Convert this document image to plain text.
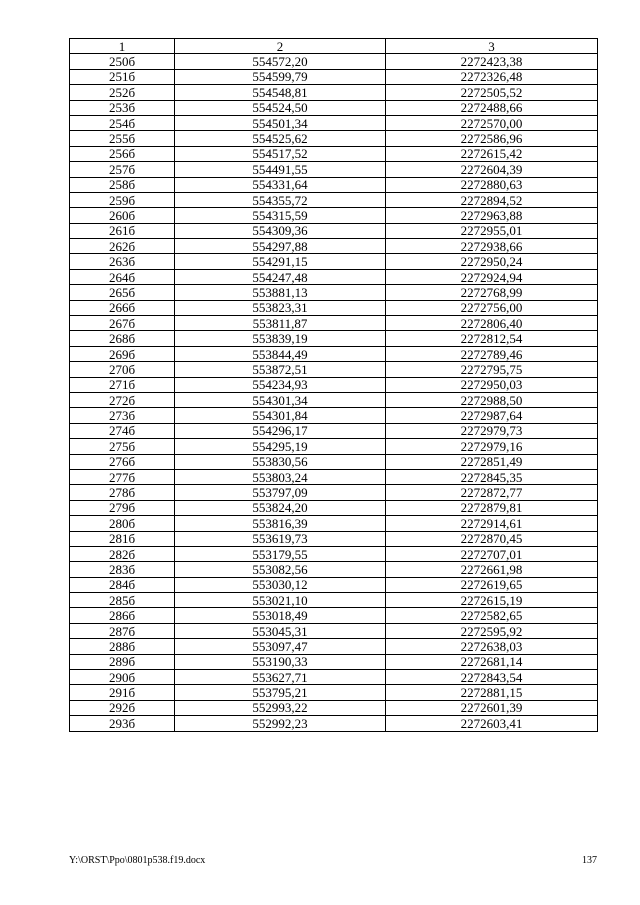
1	2	3
250б	554572,20	2272423,38
251б	554599,79	2272326,48
252б	554548,81	2272505,52
253б	554524,50	2272488,66
254б	554501,34	2272570,00
255б	554525,62	2272586,96
256б	554517,52	2272615,42
257б	554491,55	2272604,39
258б	554331,64	2272880,63
259б	554355,72	2272894,52
260б	554315,59	2272963,88
261б	554309,36	2272955,01
262б	554297,88	2272938,66
263б	554291,15	2272950,24
264б	554247,48	2272924,94
265б	553881,13	2272768,99
266б	553823,31	2272756,00
267б	553811,87	2272806,40
268б	553839,19	2272812,54
269б	553844,49	2272789,46
270б	553872,51	2272795,75
271б	554234,93	2272950,03
272б	554301,34	2272988,50
273б	554301,84	2272987,64
274б	554296,17	2272979,73
275б	554295,19	2272979,16
276б	553830,56	2272851,49
277б	553803,24	2272845,35
278б	553797,09	2272872,77
279б	553824,20	2272879,81
280б	553816,39	2272914,61
281б	553619,73	2272870,45
282б	553179,55	2272707,01
283б	553082,56	2272661,98
284б	553030,12	2272619,65
285б	553021,10	2272615,19
286б	553018,49	2272582,65
287б	553045,31	2272595,92
288б	553097,47	2272638,03
289б	553190,33	2272681,14
290б	553627,71	2272843,54
291б	553795,21	2272881,15
292б	552993,22	2272601,39
293б	552992,23	2272603,41
Y:\ORST\Ppo\0801p538.f19.docx	137
